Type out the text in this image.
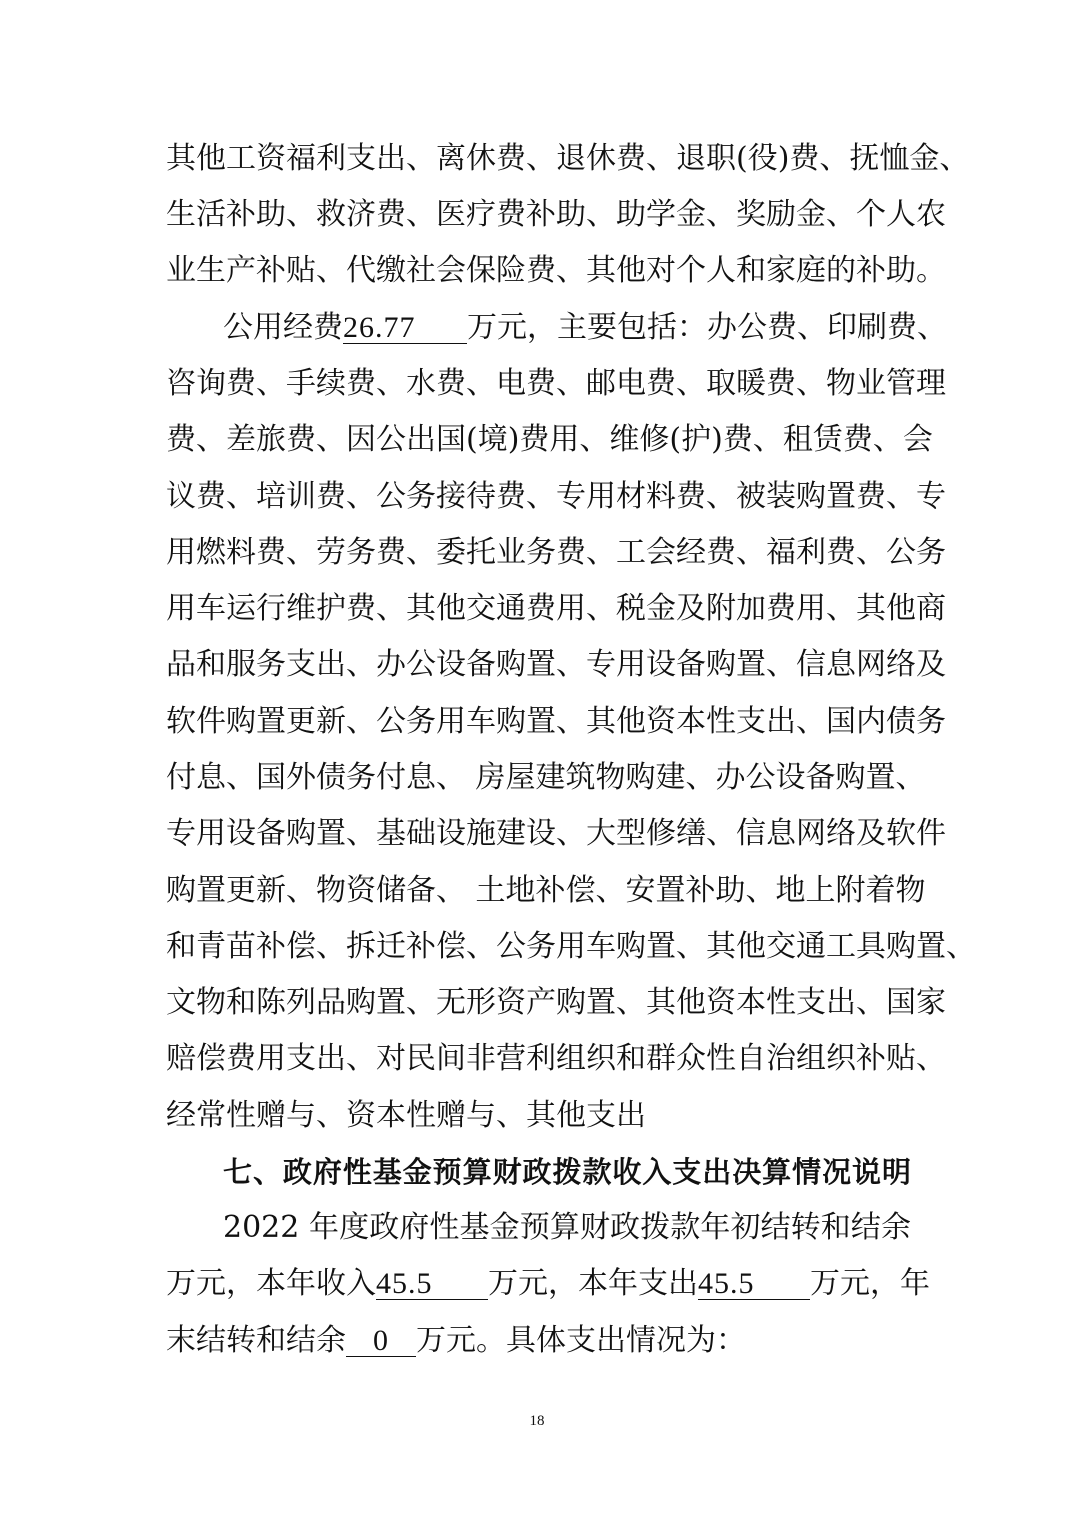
其他工资福利支出、离休费、退休费、退职(役)费、抚恤金、
生活补助、救济费、医疗费补助、助学金、奖励金、个人农
业生产补贴、代缴社会保险费、其他对个人和家庭的补助。
公用经费26.77 万元，主要包括：办公费、印刷费、
咨询费、手续费、水费、电费、邮电费、取暖费、物业管理
费、差旅费、因公出国(境)费用、维修(护)费、租赁费、会
议费、培训费、公务接待费、专用材料费、被装购置费、专
用燃料费、劳务费、委托业务费、工会经费、福利费、公务
用车运行维护费、其他交通费用、税金及附加费用、其他商
品和服务支出、办公设备购置、专用设备购置、信息网络及
软件购置更新、公务用车购置、其他资本性支出、国内债务
付息、国外债务付息、 房屋建筑物购建、办公设备购置、
专用设备购置、基础设施建设、大型修缮、信息网络及软件
购置更新、物资储备、 土地补偿、安置补助、地上附着物
和青苗补偿、拆迁补偿、公务用车购置、其他交通工具购置、
文物和陈列品购置、无形资产购置、其他资本性支出、国家
赔偿费用支出、对民间非营利组织和群众性自治组织补贴、
经常性赠与、资本性赠与、其他支出
七、政府性基金预算财政拨款收入支出决算情况说明
2022 年度政府性基金预算财政拨款年初结转和结余
万元，本年收入45.5 万元，本年支出45.5 万元，年
末结转和结余 0 万元。具体支出情况为：
18
